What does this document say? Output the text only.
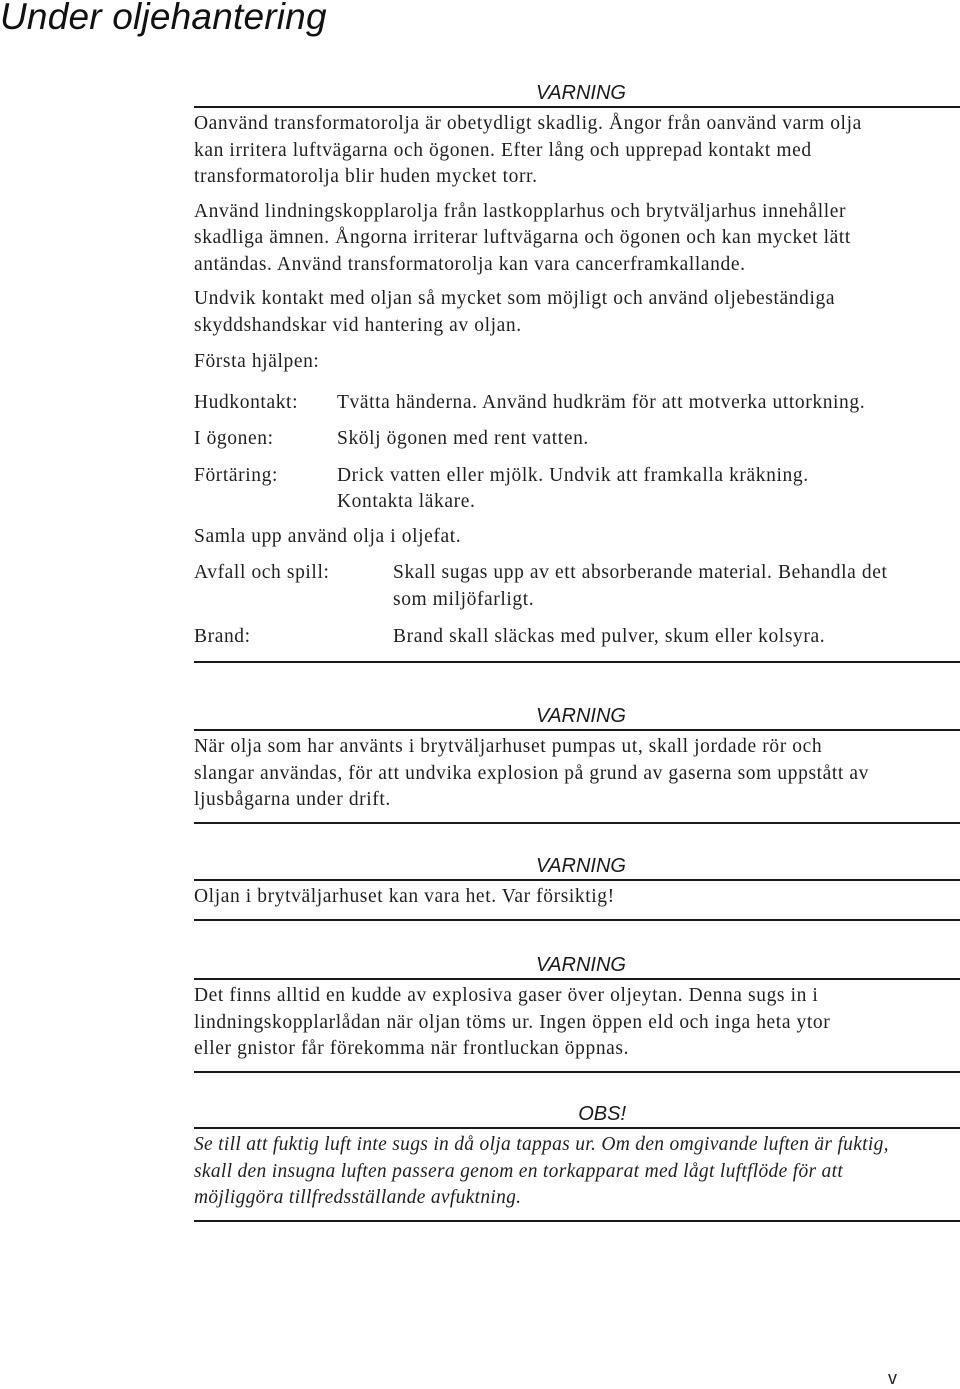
Under oljehantering
VARNING

Oanvänd transformatorolja är obetydligt skadlig. Ångor från oanvänd varm olja

kan irritera luftvägarna och ögonen. Efter lång och upprepad kontakt med

transformatorolja blir huden mycket torr.

Använd lindningskopplarolja från lastkopplarhus och brytväljarhus innehåller

skadliga ämnen. Ångorna irriterar luftvägarna och ögonen och kan mycket lätt

antändas. Använd transformatorolja kan vara cancerframkallande.

Undvik kontakt med oljan så mycket som möjligt och använd oljebeständiga

skyddshandskar vid hantering av oljan.

Första hjälpen:

Hudkontakt:	Tvätta händerna. Använd hudkräm för att motverka uttorkning.
I ögonen:	Skölj ögonen med rent vatten.
Förtäring:	Drick vatten eller mjölk. Undvik att framkalla kräkning.
Kontakta läkare.

Samla upp använd olja i oljefat.

Avfall och spill:	Skall sugas upp av ett absorberande material. Behandla det
som miljöfarligt.
Brand:	Brand skall släckas med pulver, skum eller kolsyra.
VARNING

När olja som har använts i brytväljarhuset pumpas ut, skall jordade rör och

slangar användas, för att undvika explosion på grund av gaserna som uppstått av

ljusbågarna under drift.

VARNING

Oljan i brytväljarhuset kan vara het. Var försiktig!

VARNING

Det finns alltid en kudde av explosiva gaser över oljeytan. Denna sugs in i

lindningskopplarlådan när oljan töms ur. Ingen öppen eld och inga heta ytor

eller gnistor får förekomma när frontluckan öppnas.

OBS!

Se till att fuktig luft inte sugs in då olja tappas ur. Om den omgivande luften är fuktig,

skall den insugna luften passera genom en torkapparat med lågt luftflöde för att

möjliggöra tillfredsställande avfuktning.

v
